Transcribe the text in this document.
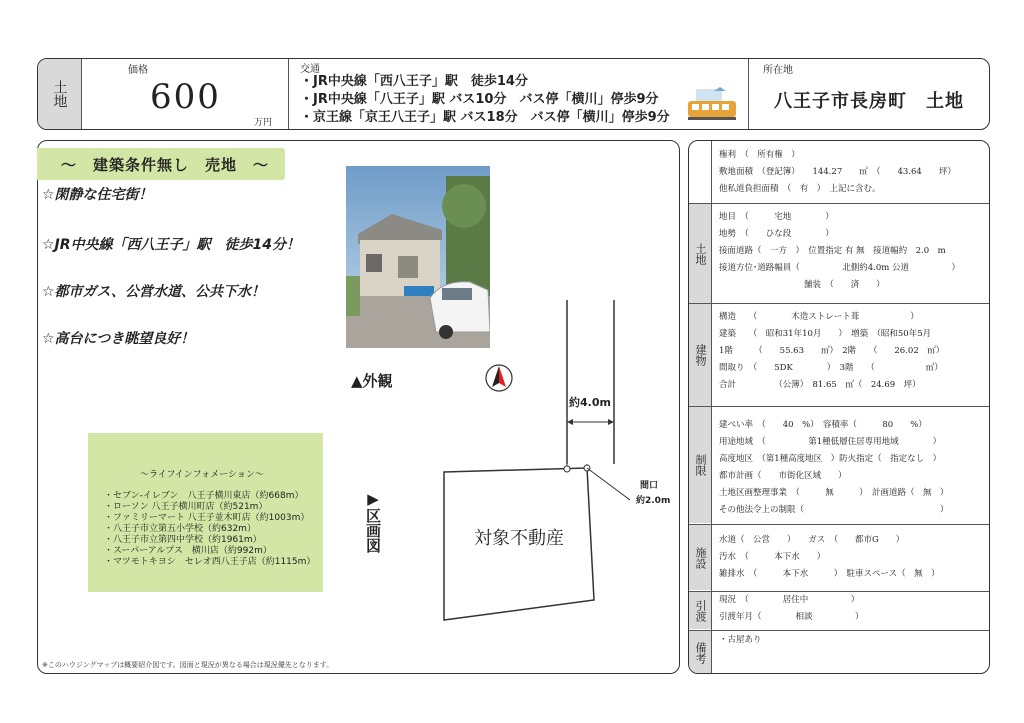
土地
価格
600
万円
交通
・JR中央線「西八王子」駅　徒歩14分
・JR中央線「八王子」駅 バス10分　バス停「横川」停歩9分
・京王線「京王八王子」駅 バス18分　バス停「横川」停歩9分
所在地
八王子市長房町　土地
～　建築条件無し　売地　～
☆閑静な住宅街！
☆JR中央線「西八王子」駅　徒歩14分！
☆都市ガス、公営水道、公共下水！
☆高台につき眺望良好！
▲外観
▶区画図
約4.0m
間口
約2.0m
対象不動産
～ライフインフォメーション～
・セブン-イレブン　八王子横川東店（約668m）
・ローソン 八王子横川町店（約521m）
・ファミリーマート 八王子並木町店（約1003m）
・八王子市立第五小学校（約632m）
・八王子市立第四中学校（約1961m）
・スーパーアルプス　横川店（約992m）
・マツモトキヨシ　セレオ西八王子店（約1115m）
※このハウジングマップは概要紹介図です。図面と現況が異なる場合は現況優先となります。
権利　（　所有権　）
敷地面積　（登記簿）　　144.27　　㎡　（　　43.64　　坪）
他私道負担面積　（　有　）　上記に含む。
土地
地目　（　　　宅地　　　　）
地勢　（　　ひな段　　　　）
接面道路（　一方　）　位置指定 有 無　接道幅約　2.0　m
接道方位･道路幅員（　　　　　北側約4.0m 公道　　　　　）
　　　　　　　　　　舗装　（　　済　　）
建物
構造　　（　　　　木造ストレート葺　　　　　　）
建築　　（　昭和31年10月　　）　増築　（昭和50年5月
1階　　　（　　55.63　　㎡）　2階　　（　　26.02　㎡）
間取り　（　　5DK　　　　）　3階　　（　　　　　　㎡）
合計　　　　　（公簿）　81.65　㎡（　24.69　坪）
制限
建ぺい率　（　　40　%）　容積率（　　　80　　%）
用途地域　（　　　　　第1種低層住居専用地域　　　　）
高度地区　（第1種高度地区　）防火指定（　指定なし　）
都市計画（　　市街化区域　　）
土地区画整理事業　（　　　無　　　）　計画道路（　無　）
その他法令上の制限（　　　　　　　　　　　　　　　　）
施設
水道（　公営　　）　　ガス　（　　都市G　　）
汚水　（　　　本下水　　）
雑排水　（　　　本下水　　　）　駐車スペース（　無　）
引渡 現況　（　　　　居住中　　　　　）
引渡年月（　　　　相談　　　　　）
備考
・古屋あり
